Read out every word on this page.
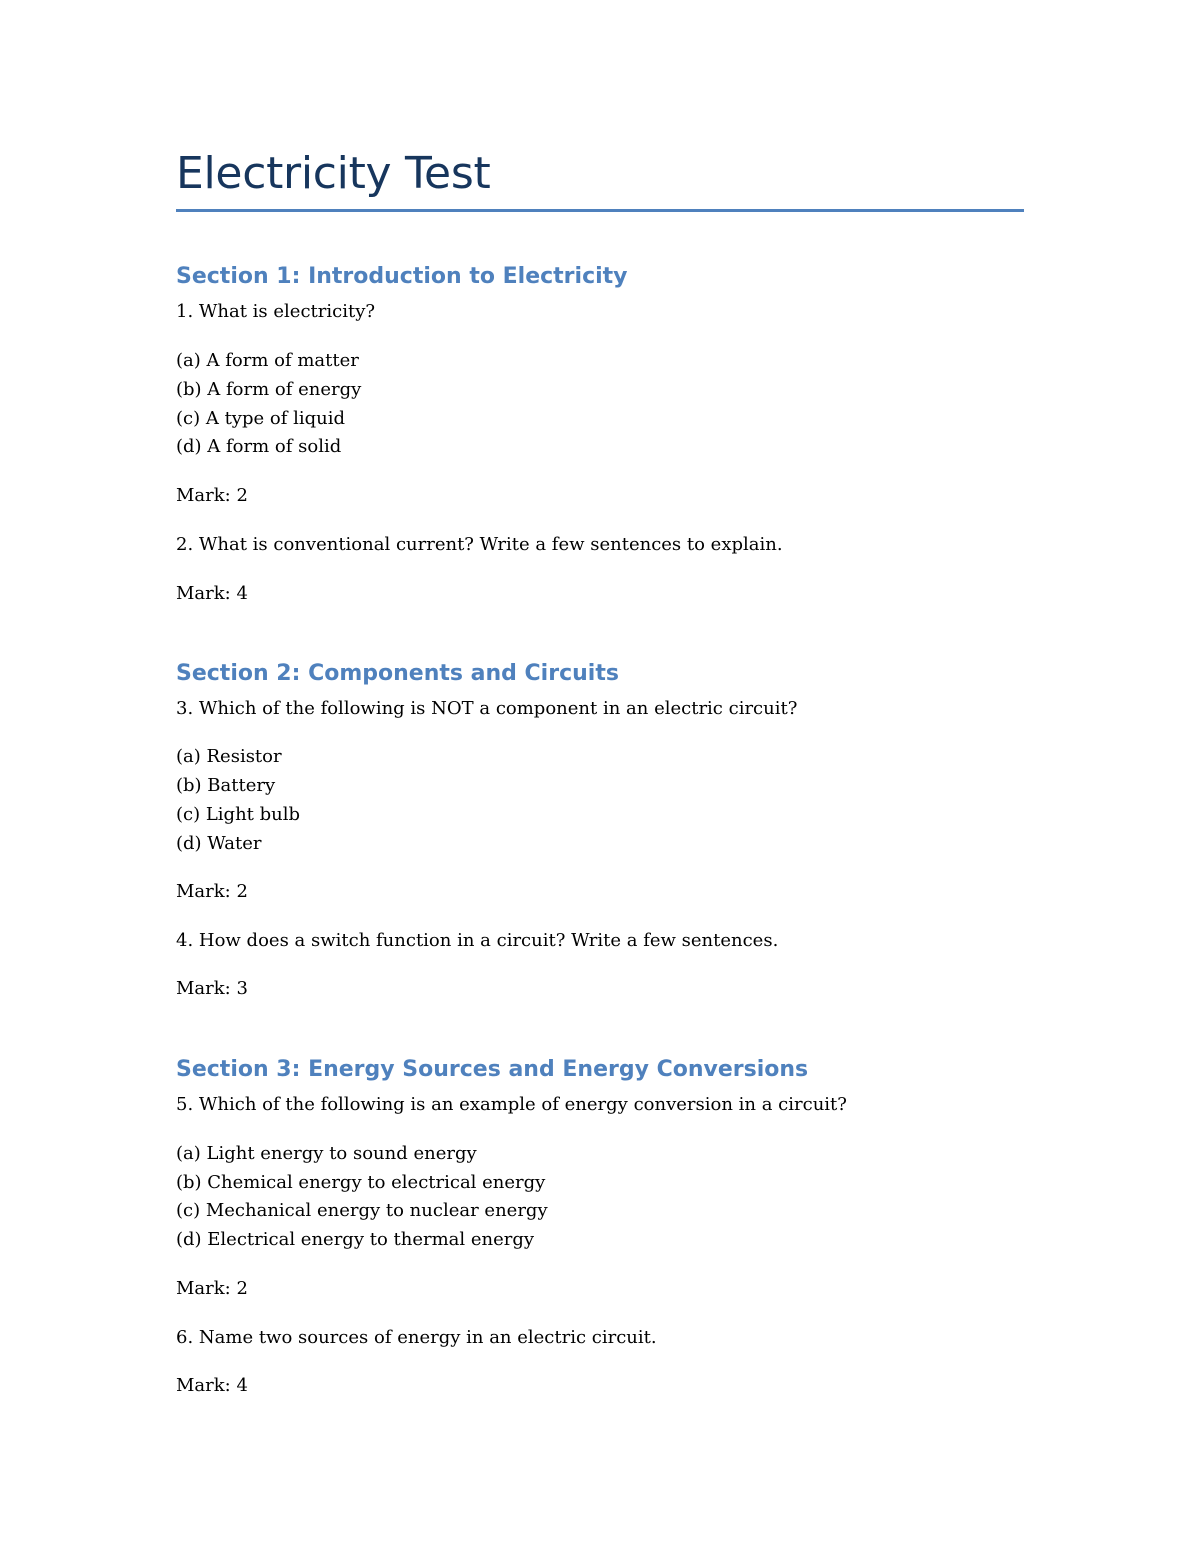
Electricity Test
Section 1: Introduction to Electricity

1. What is electricity?

(a) A form of matter

(b) A form of energy

(c) A type of liquid

(d) A form of solid

Mark: 2

2. What is conventional current? Write a few sentences to explain.

Mark: 4

Section 2: Components and Circuits

3. Which of the following is NOT a component in an electric circuit?

(a) Resistor

(b) Battery

(c) Light bulb

(d) Water

Mark: 2

4. How does a switch function in a circuit? Write a few sentences.

Mark: 3

Section 3: Energy Sources and Energy Conversions

5. Which of the following is an example of energy conversion in a circuit?

(a) Light energy to sound energy

(b) Chemical energy to electrical energy

(c) Mechanical energy to nuclear energy

(d) Electrical energy to thermal energy

Mark: 2

6. Name two sources of energy in an electric circuit.

Mark: 4
